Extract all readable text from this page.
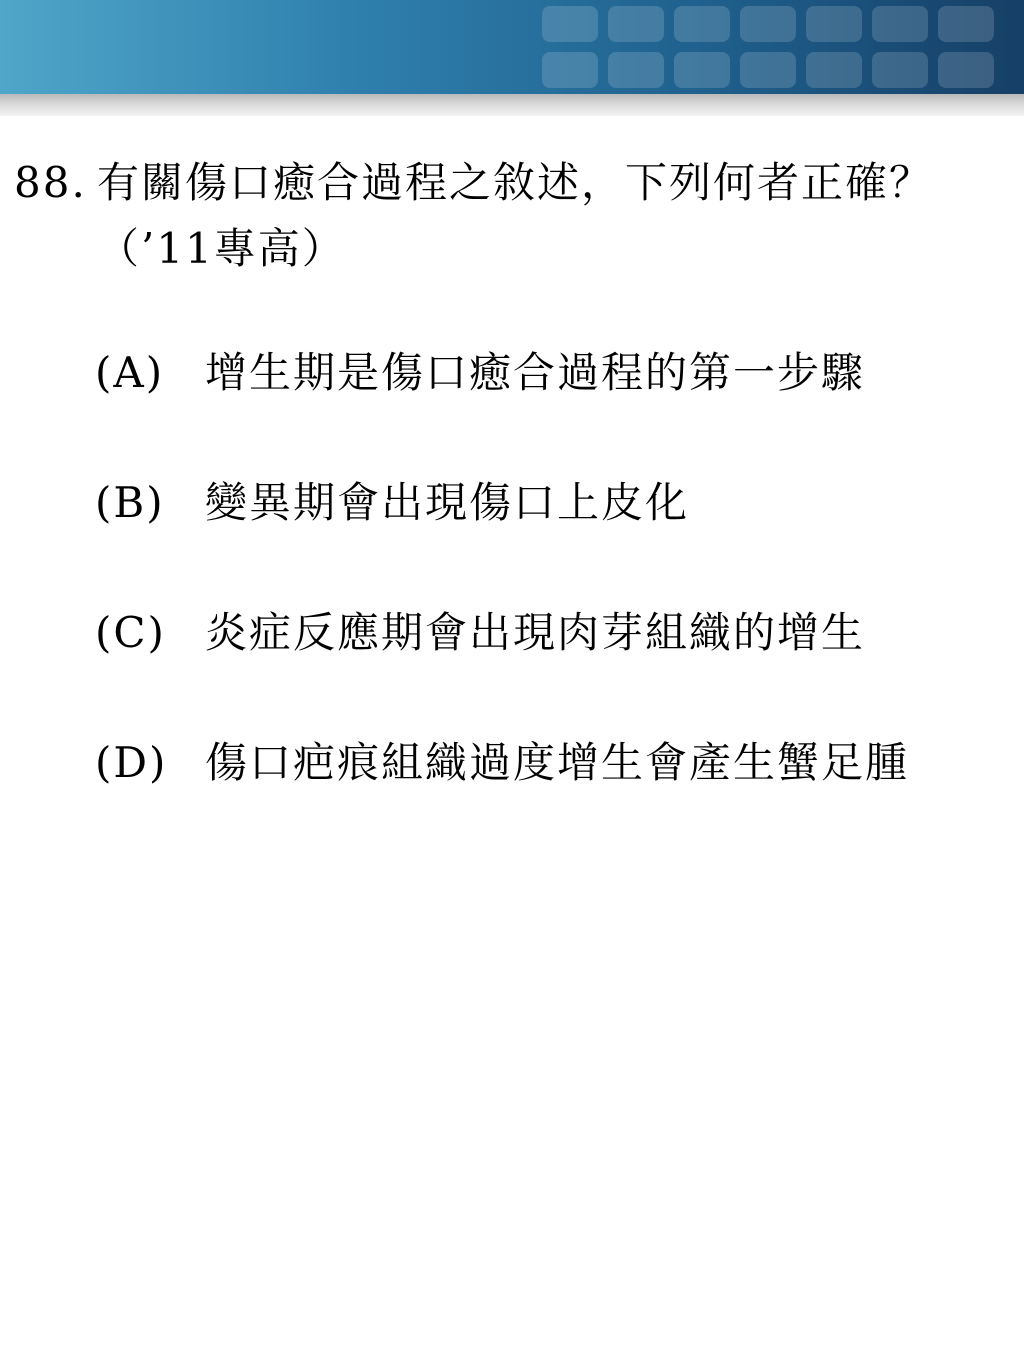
88. 有關傷口癒合過程之敘述，下列何者正確？（’11專高）
(A) 增生期是傷口癒合過程的第一步驟
(B) 變異期會出現傷口上皮化
(C) 炎症反應期會出現肉芽組織的增生
(D) 傷口疤痕組織過度增生會產生蟹足腫
